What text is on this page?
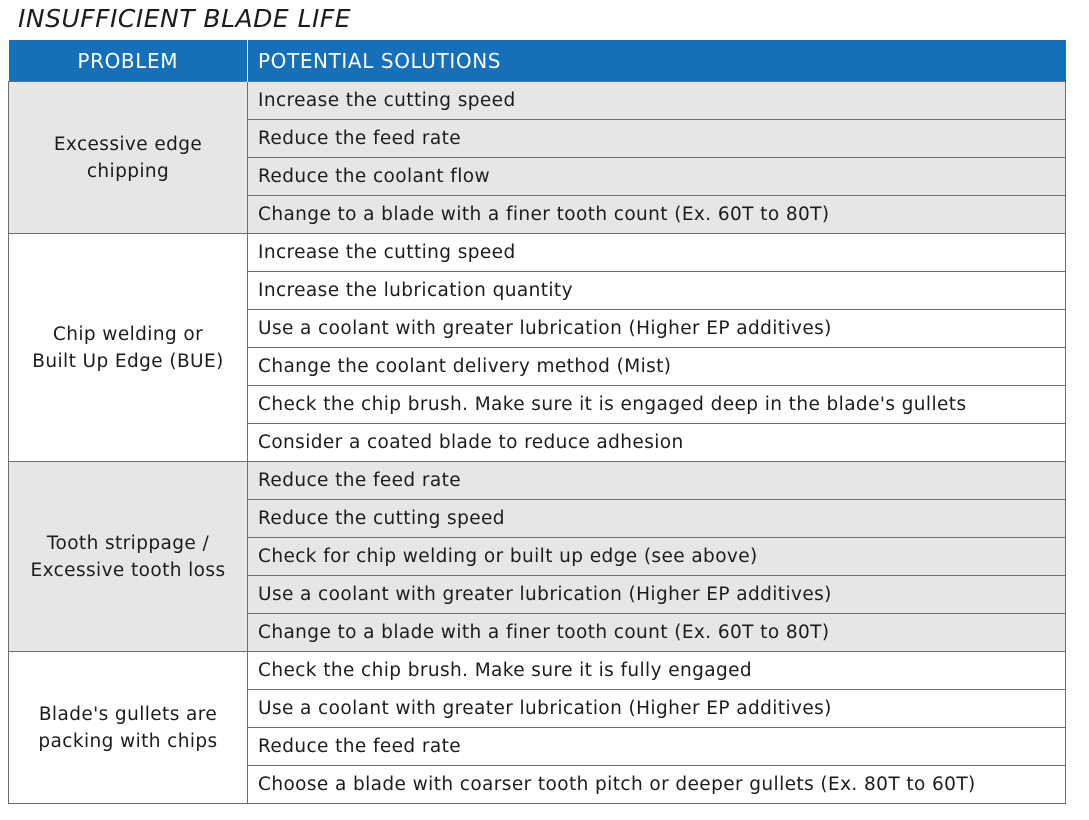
INSUFFICIENT BLADE LIFE
PROBLEM	POTENTIAL SOLUTIONS
Excessive edge
chipping	Increase the cutting speed
	Reduce the feed rate
	Reduce the coolant flow
	Change to a blade with a finer tooth count (Ex. 60T to 80T)
Chip welding or
Built Up Edge (BUE)	Increase the cutting speed
	Increase the lubrication quantity
	Use a coolant with greater lubrication (Higher EP additives)
	Change the coolant delivery method (Mist)
	Check the chip brush. Make sure it is engaged deep in the blade's gullets
	Consider a coated blade to reduce adhesion
Tooth strippage /
Excessive tooth loss	Reduce the feed rate
	Reduce the cutting speed
	Check for chip welding or built up edge (see above)
	Use a coolant with greater lubrication (Higher EP additives)
	Change to a blade with a finer tooth count (Ex. 60T to 80T)
Blade's gullets are
packing with chips	Check the chip brush. Make sure it is fully engaged
	Use a coolant with greater lubrication (Higher EP additives)
	Reduce the feed rate
	Choose a blade with coarser tooth pitch or deeper gullets (Ex. 80T to 60T)
